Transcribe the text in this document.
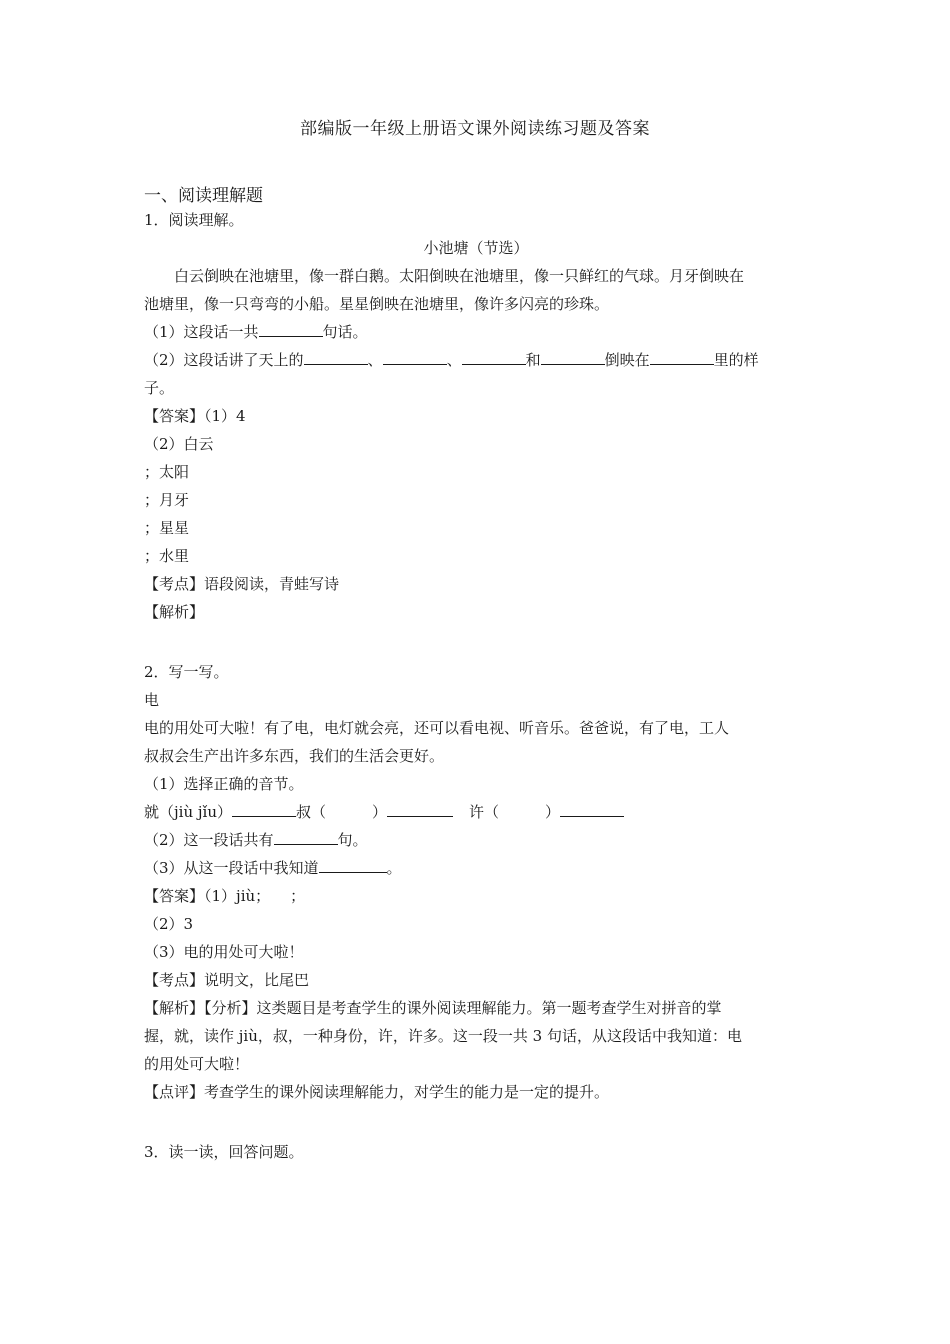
部编版一年级上册语文课外阅读练习题及答案
一、阅读理解题
1．阅读理解。
小池塘（节选）
白云倒映在池塘里，像一群白鹅。太阳倒映在池塘里，像一只鲜红的气球。月牙倒映在
池塘里，像一只弯弯的小船。星星倒映在池塘里，像许多闪亮的珍珠。
（1）这段话一共	句话。
（2）这段话讲了天上的	、	、	和	倒映在	里的样
子。
【答案】（1）4
（2）白云
；太阳
；月牙
；星星
；水里
【考点】语段阅读，青蛙写诗
【解析】
2．写一写。
电
电的用处可大啦！有了电，电灯就会亮，还可以看电视、听音乐。爸爸说，有了电，工人
叔叔会生产出许多东西，我们的生活会更好。
（1）选择正确的音节。
就（jiù jǐu）	叔（	）	许（	）
（2）这一段话共有	句。
（3）从这一段话中我知道	。
【答案】（1）jiù； ；
（2）3
（3）电的用处可大啦！
【考点】说明文，比尾巴
【解析】【分析】这类题目是考查学生的课外阅读理解能力。第一题考查学生对拼音的掌
握，就，读作 jiù，叔，一种身份，许，许多。这一段一共 3 句话，从这段话中我知道：电
的用处可大啦！
【点评】考查学生的课外阅读理解能力，对学生的能力是一定的提升。
3．读一读，回答问题。
